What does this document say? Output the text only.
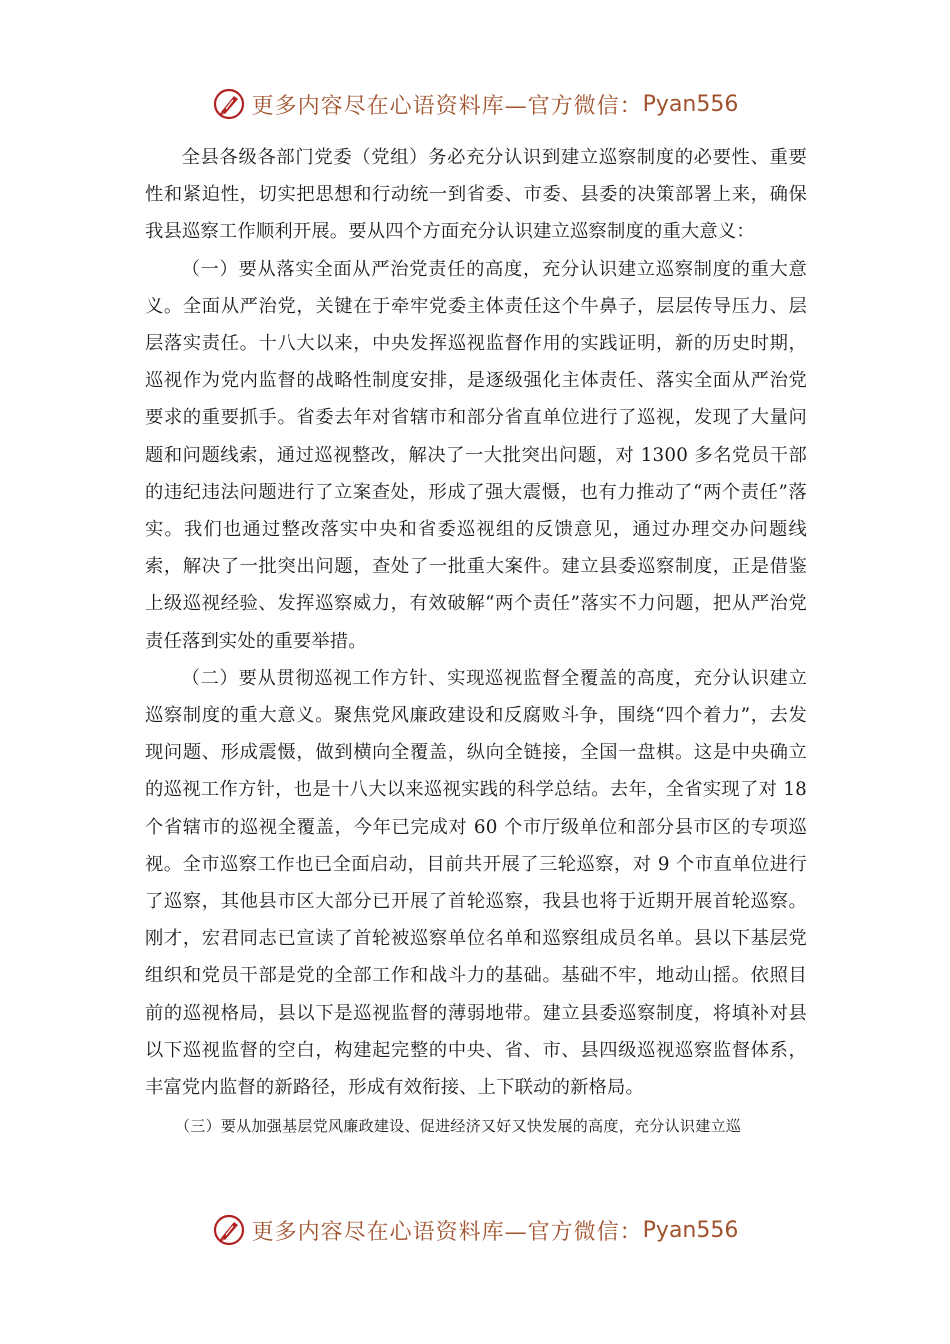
更多内容尽在心语资料库—官方微信： Pyan556

全县各级各部门党委（党组）务必充分认识到建立巡察制度的必要性、重要性和紧迫性，切实把思想和行动统一到省委、市委、县委的决策部署上来，确保我县巡察工作顺利开展。要从四个方面充分认识建立巡察制度的重大意义：

（一）要从落实全面从严治党责任的高度，充分认识建立巡察制度的重大意义。全面从严治党，关键在于牵牢党委主体责任这个牛鼻子，层层传导压力、层层落实责任。十八大以来，中央发挥巡视监督作用的实践证明，新的历史时期，巡视作为党内监督的战略性制度安排，是逐级强化主体责任、落实全面从严治党要求的重要抓手。省委去年对省辖市和部分省直单位进行了巡视，发现了大量问题和问题线索，通过巡视整改，解决了一大批突出问题，对 1300 多名党员干部的违纪违法问题进行了立案查处，形成了强大震慑，也有力推动了“两个责任”落实。我们也通过整改落实中央和省委巡视组的反馈意见，通过办理交办问题线索，解决了一批突出问题，查处了一批重大案件。建立县委巡察制度，正是借鉴上级巡视经验、发挥巡察威力，有效破解“两个责任”落实不力问题，把从严治党责任落到实处的重要举措。

（二）要从贯彻巡视工作方针、实现巡视监督全覆盖的高度，充分认识建立巡察制度的重大意义。聚焦党风廉政建设和反腐败斗争，围绕“四个着力”，去发现问题、形成震慑，做到横向全覆盖，纵向全链接，全国一盘棋。这是中央确立的巡视工作方针，也是十八大以来巡视实践的科学总结。去年，全省实现了对 18 个省辖市的巡视全覆盖，今年已完成对 60 个市厅级单位和部分县市区的专项巡视。全市巡察工作也已全面启动，目前共开展了三轮巡察，对 9 个市直单位进行了巡察，其他县市区大部分已开展了首轮巡察，我县也将于近期开展首轮巡察。刚才，宏君同志已宣读了首轮被巡察单位名单和巡察组成员名单。县以下基层党组织和党员干部是党的全部工作和战斗力的基础。基础不牢，地动山摇。依照目前的巡视格局，县以下是巡视监督的薄弱地带。建立县委巡察制度，将填补对县以下巡视监督的空白，构建起完整的中央、省、市、县四级巡视巡察监督体系，丰富党内监督的新路径，形成有效衔接、上下联动的新格局。

（三）要从加强基层党风廉政建设、促进经济又好又快发展的高度，充分认识建立巡

更多内容尽在心语资料库—官方微信： Pyan556
